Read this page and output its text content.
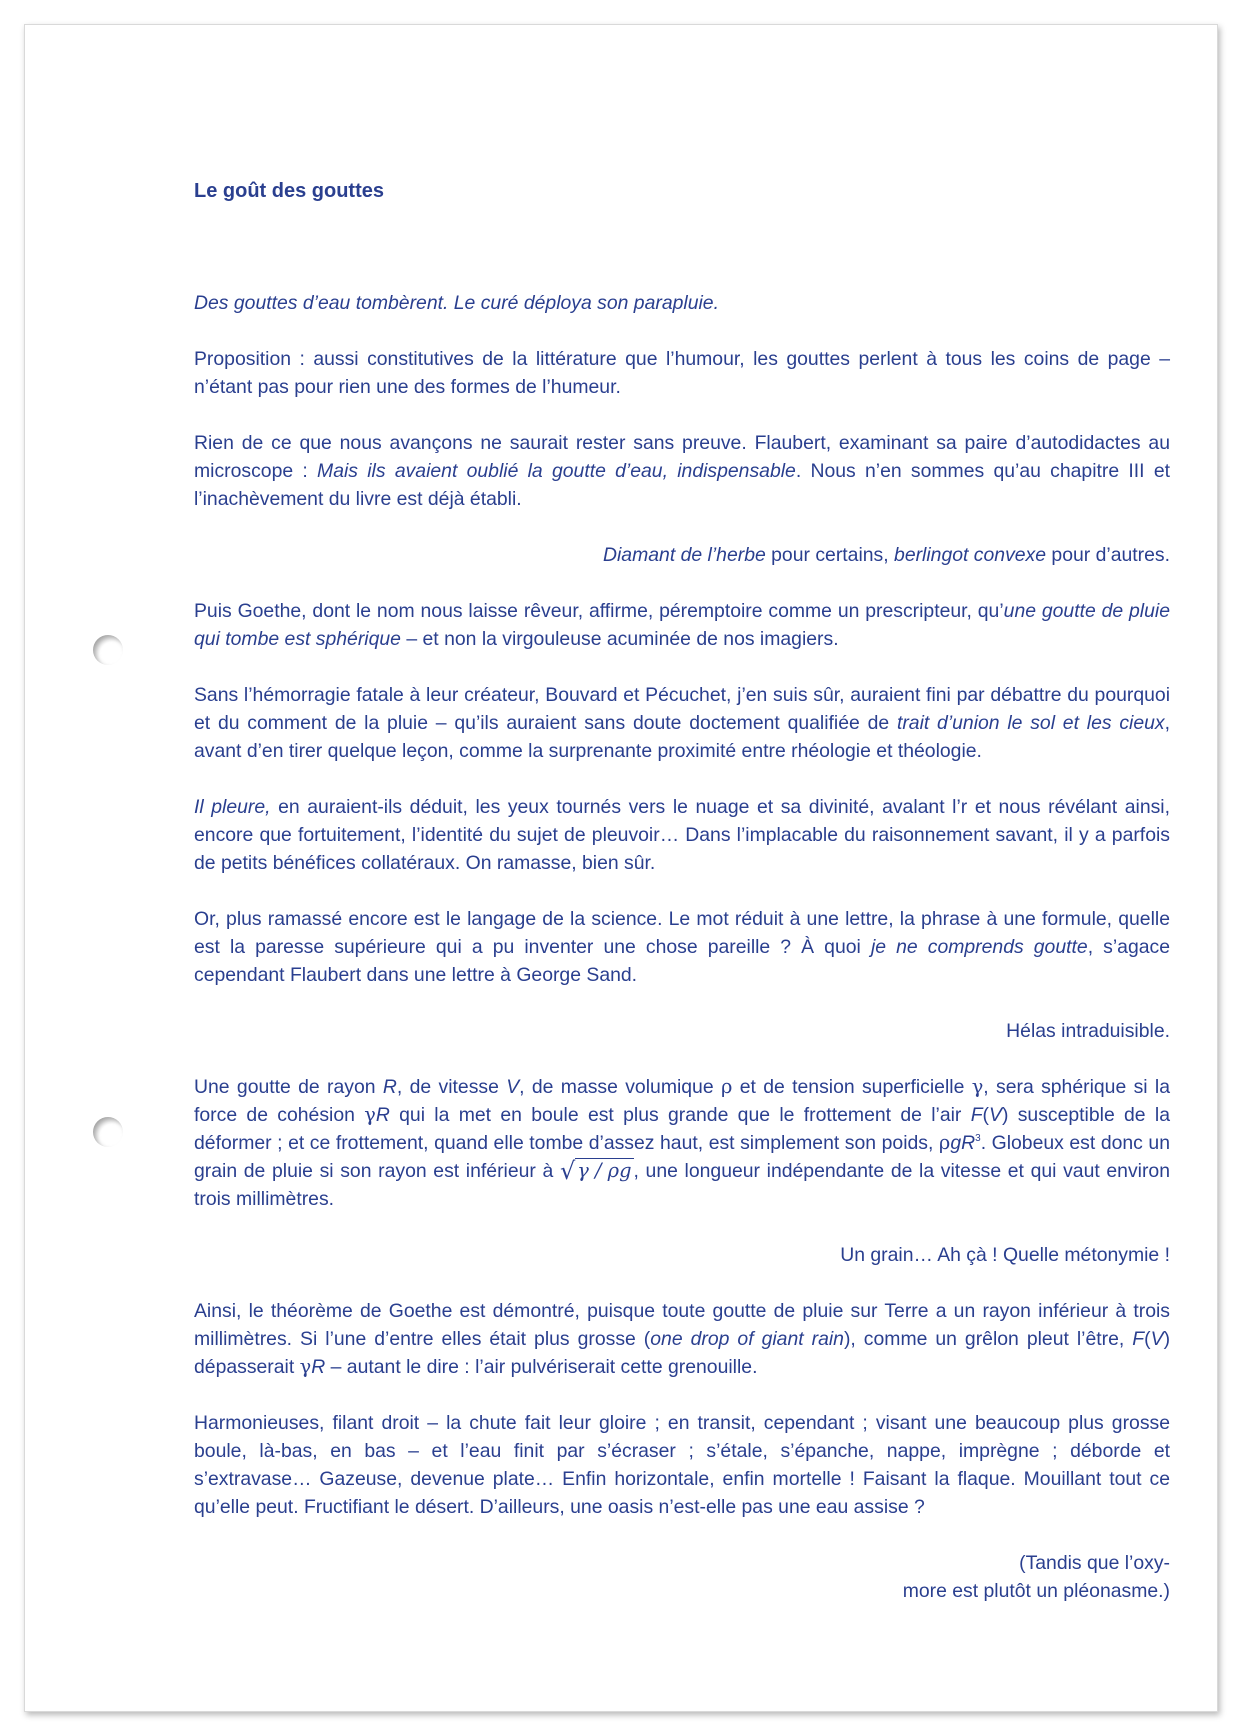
Le goût des gouttes

Des gouttes d’eau tombèrent. Le curé déploya son parapluie.

Proposition : aussi constitutives de la littérature que l’humour, les gouttes perlent à tous les coins de page – n’étant pas pour rien une des formes de l’humeur.

Rien de ce que nous avançons ne saurait rester sans preuve. Flaubert, examinant sa paire d’autodidactes au microscope : Mais ils avaient oublié la goutte d’eau, indispensable. Nous n’en sommes qu’au chapitre III et l’inachèvement du livre est déjà établi.

Diamant de l’herbe pour certains, berlingot convexe pour d’autres.

Puis Goethe, dont le nom nous laisse rêveur, affirme, péremptoire comme un prescripteur, qu’une goutte de pluie qui tombe est sphérique – et non la virgouleuse acuminée de nos imagiers.

Sans l’hémorragie fatale à leur créateur, Bouvard et Pécuchet, j’en suis sûr, auraient fini par débattre du pourquoi et du comment de la pluie – qu’ils auraient sans doute doctement qualifiée de trait d’union le sol et les cieux, avant d’en tirer quelque leçon, comme la surprenante proximité entre rhéologie et théologie.

Il pleure, en auraient-ils déduit, les yeux tournés vers le nuage et sa divinité, avalant l’r et nous révélant ainsi, encore que fortuitement, l’identité du sujet de pleuvoir… Dans l’implacable du raisonnement savant, il y a parfois de petits bénéfices collatéraux. On ramasse, bien sûr.

Or, plus ramassé encore est le langage de la science. Le mot réduit à une lettre, la phrase à une formule, quelle est la paresse supérieure qui a pu inventer une chose pareille ? À quoi je ne comprends goutte, s’agace cependant Flaubert dans une lettre à George Sand.

Hélas intraduisible.

Une goutte de rayon R, de vitesse V, de masse volumique ρ et de tension superficielle γ, sera sphérique si la force de cohésion γR qui la met en boule est plus grande que le frottement de l’air F(V) susceptible de la déformer ; et ce frottement, quand elle tombe d’assez haut, est simplement son poids, ρgR$^3$. Globeux est donc un grain de pluie si son rayon est inférieur à √ γ / ρg , une longueur indépendante de la vitesse et qui vaut environ trois millimètres.

Un grain… Ah çà ! Quelle métonymie !

Ainsi, le théorème de Goethe est démontré, puisque toute goutte de pluie sur Terre a un rayon inférieur à trois millimètres. Si l’une d’entre elles était plus grosse (one drop of giant rain), comme un grêlon pleut l’être, F(V) dépasserait γR – autant le dire : l’air pulvériserait cette grenouille.

Harmonieuses, filant droit – la chute fait leur gloire ; en transit, cependant ; visant une beaucoup plus grosse boule, là-bas, en bas – et l’eau finit par s’écraser ; s’étale, s’épanche, nappe, imprègne ; déborde et s’extravase… Gazeuse, devenue plate… Enfin horizontale, enfin mortelle ! Faisant la flaque. Mouillant tout ce qu’elle peut. Fructifiant le désert. D’ailleurs, une oasis n’est-elle pas une eau assise ?

(Tandis que l’oxy-
more est plutôt un pléonasme.)
